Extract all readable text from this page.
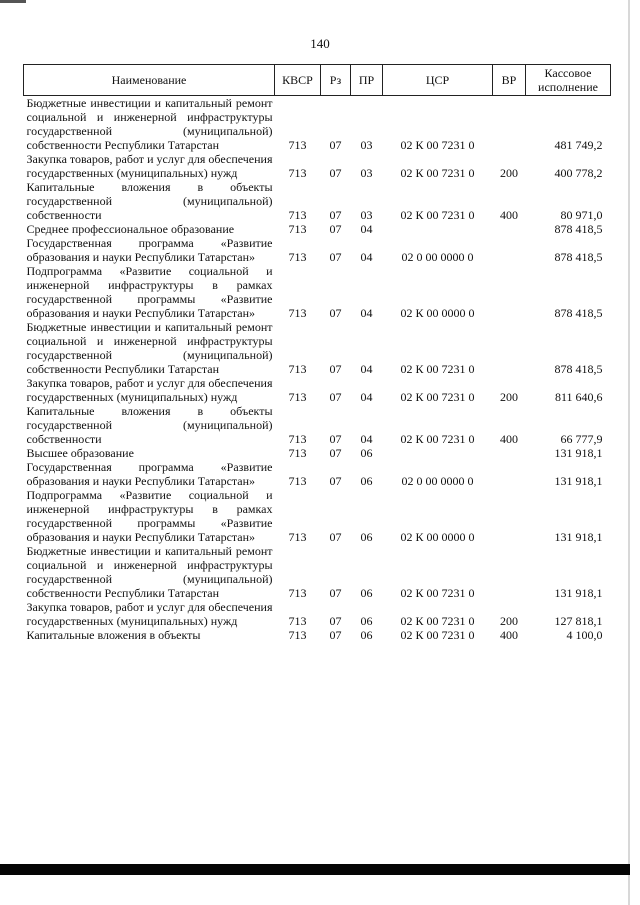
140
Наименование	КВСР	Рз	ПР	ЦСР	ВР	Кассовое
исполнение

Бюджетные инвестиции и капитальный ремонт социальной и инженерной инфраструктуры государственной (муниципальной) собственности Республики Татарстан	713	07	03	02 К 00 7231 0		481 749,2
Закупка товаров, работ и услуг для обеспечения государственных (муниципальных) нужд	713	07	03	02 К 00 7231 0	200	400 778,2
Капитальные вложения в объекты государственной (муниципальной) собственности	713	07	03	02 К 00 7231 0	400	80 971,0
Среднее профессиональное образование	713	07	04			878 418,5
Государственная программа «Развитие образования и науки Республики Татарстан»	713	07	04	02 0 00 0000 0		878 418,5
Подпрограмма «Развитие социальной и инженерной инфраструктуры в рамках государственной программы «Развитие образования и науки Республики Татарстан»	713	07	04	02 К 00 0000 0		878 418,5
Бюджетные инвестиции и капитальный ремонт социальной и инженерной инфраструктуры государственной (муниципальной) собственности Республики Татарстан	713	07	04	02 К 00 7231 0		878 418,5
Закупка товаров, работ и услуг для обеспечения государственных (муниципальных) нужд	713	07	04	02 К 00 7231 0	200	811 640,6
Капитальные вложения в объекты государственной (муниципальной) собственности	713	07	04	02 К 00 7231 0	400	66 777,9
Высшее образование	713	07	06			131 918,1
Государственная программа «Развитие образования и науки Республики Татарстан»	713	07	06	02 0 00 0000 0		131 918,1
Подпрограмма «Развитие социальной и инженерной инфраструктуры в рамках государственной программы «Развитие образования и науки Республики Татарстан»	713	07	06	02 К 00 0000 0		131 918,1
Бюджетные инвестиции и капитальный ремонт социальной и инженерной инфраструктуры государственной (муниципальной) собственности Республики Татарстан	713	07	06	02 К 00 7231 0		131 918,1
Закупка товаров, работ и услуг для обеспечения государственных (муниципальных) нужд	713	07	06	02 К 00 7231 0	200	127 818,1
Капитальные вложения в объекты	713	07	06	02 К 00 7231 0	400	4 100,0
